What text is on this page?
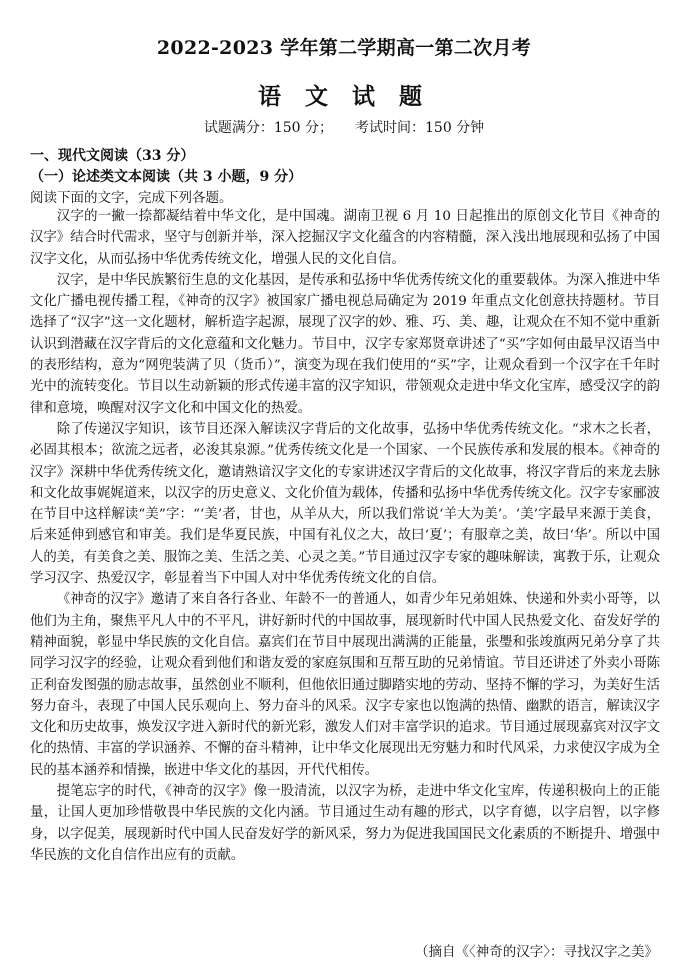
2022-2023 学年第二学期高一第二次月考
语 文 试 题
试题满分：150 分； 考试时间：150 分钟
一、现代文阅读（33 分）
（一）论述类文本阅读（共 3 小题，9 分）
阅读下面的文字，完成下列各题。

汉字的一撇一捺都凝结着中华文化，是中国魂。湖南卫视 6 月 10 日起推出的原创文化节目《神奇的汉字》结合时代需求，坚守与创新并举，深入挖掘汉字文化蕴含的内容精髓，深入浅出地展现和弘扬了中国汉字文化，从而弘扬中华优秀传统文化，增强人民的文化自信。

汉字，是中华民族繁衍生息的文化基因，是传承和弘扬中华优秀传统文化的重要载体。为深入推进中华文化广播电视传播工程，《神奇的汉字》被国家广播电视总局确定为 2019 年重点文化创意扶持题材。节目选择了“汉字”这一文化题材，解析造字起源，展现了汉字的妙、雅、巧、美、趣，让观众在不知不觉中重新认识到潜藏在汉字背后的文化意蕴和文化魅力。节目中，汉字专家郑贤章讲述了“买”字如何由最早汉语当中的表形结构，意为“网兜装满了贝（货币）”，演变为现在我们使用的“买”字，让观众看到一个汉字在千年时光中的流转变化。节目以生动新颖的形式传递丰富的汉字知识，带领观众走进中华文化宝库，感受汉字的韵律和意境，唤醒对汉字文化和中国文化的热爱。

除了传递汉字知识，该节目还深入解读汉字背后的文化故事，弘扬中华优秀传统文化。“求木之长者，必固其根本；欲流之远者，必浚其泉源。”优秀传统文化是一个国家、一个民族传承和发展的根本。《神奇的汉字》深耕中华优秀传统文化，邀请熟谙汉字文化的专家讲述汉字背后的文化故事，将汉字背后的来龙去脉和文化故事娓娓道来，以汉字的历史意义、文化价值为载体，传播和弘扬中华优秀传统文化。汉字专家郦波在节目中这样解读“美”字：“‘美’者，甘也，从羊从大，所以我们常说‘羊大为美’。‘美’字最早来源于美食，后来延伸到感官和审美。我们是华夏民族，中国有礼仪之大，故曰‘夏’；有服章之美，故曰‘华’。所以中国人的美，有美食之美、服饰之美、生活之美、心灵之美。”节目通过汉字专家的趣味解读，寓教于乐，让观众学习汉字、热爱汉字，彰显着当下中国人对中华优秀传统文化的自信。

《神奇的汉字》邀请了来自各行各业、年龄不一的普通人，如青少年兄弟姐姝、快递和外卖小哥等，以他们为主角，聚焦平凡人中的不平凡，讲好新时代的中国故事，展现新时代中国人民热爱文化、奋发好学的精神面貌，彰显中华民族的文化自信。嘉宾们在节目中展现出满满的正能量，张璺和张竣旗两兄弟分享了共同学习汉字的经验，让观众看到他们和谐友爱的家庭氛围和互帮互助的兄弟情谊。节目还讲述了外卖小哥陈正利奋发图强的励志故事，虽然创业不顺利，但他依旧通过脚踏实地的劳动、坚持不懈的学习，为美好生活努力奋斗，表现了中国人民乐观向上、努力奋斗的风采。汉字专家也以饱满的热情、幽默的语言，解读汉字文化和历史故事，焕发汉字进入新时代的新光彩，激发人们对丰富学识的追求。节目通过展现嘉宾对汉字文化的热情、丰富的学识涵养、不懈的奋斗精神，让中华文化展现出无穷魅力和时代风采，力求使汉字成为全民的基本涵养和情操，嵌进中华文化的基因，开代代相传。

提笔忘字的时代，《神奇的汉字》像一股清流，以汉字为桥，走进中华文化宝库，传递积极向上的正能量，让国人更加珍惜敬畏中华民族的文化内涵。节目通过生动有趣的形式，以字育德，以字启智，以字修身，以字促美，展现新时代中国人民奋发好学的新风采，努力为促进我国国民文化素质的不断提升、增强中华民族的文化自信作出应有的贡献。

（摘自《〈神奇的汉字〉：寻找汉字之美》
